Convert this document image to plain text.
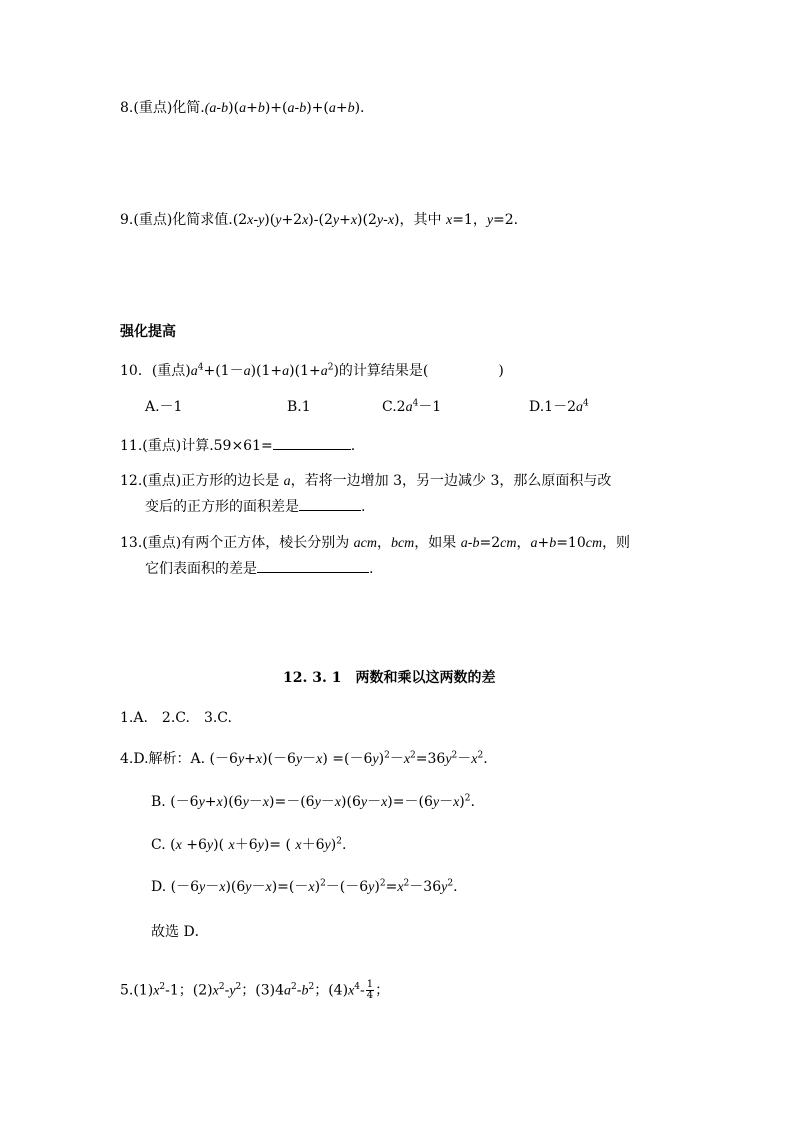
8.(重点)化简.(a-b)(a+b)+(a-b)+(a+b).
9.(重点)化简求值.(2x-y)(y+2x)-(2y+x)(2y-x)，其中 x=1，y=2.
强化提高
10．(重点)$a^4+(1-a)(1+a)(1+a^2)$的计算结果是(　　　　　)
A.－1	B.1	$C.2a^4-1$	$D.1-2a^4$
11.(重点)计算.59×61=	.
12.(重点)正方形的边长是 a，若将一边增加 3，另一边减少 3，那么原面积与改
变后的正方形的面积差是	.
13.(重点)有两个正方体，棱长分别为 acm，bcm，如果 a-b=2cm，a+b=10cm，则
它们表面积的差是	.
12. 3. 1　两数和乘以这两数的差
1.A.　2.C.　3.C.
4.D.解析：A. $(-6y+x)(-6y-x) =(-6y)^2-x^2=36y^2-x^2$.
B. $(-6y+x)(6y-x)=-(6y-x)(6y-x)=-(6y-x)^2$.
C. (x +6y)( x＋6y)= ( x＋6y)$^2$.
D. $(-6y-x)(6y-x)=(-x)^2-(-6y)^2=x^2-36y^2$.
故选 D．
$5.(1)x^2-1$；$(2)x^2-y^2$；$(3)4a^2-b^2$；$(4)x^4- \frac{1}{4}$ ；
